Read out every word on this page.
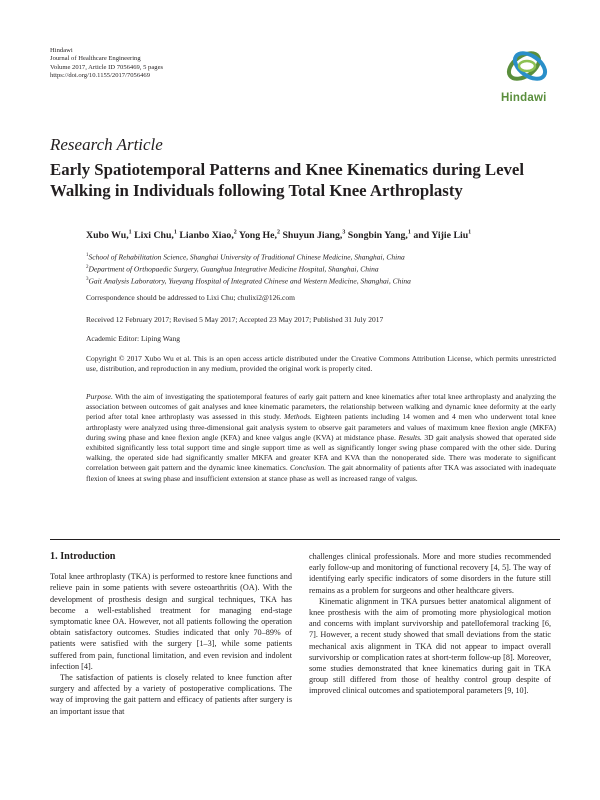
Hindawi
Journal of Healthcare Engineering
Volume 2017, Article ID 7056469, 5 pages
https://doi.org/10.1155/2017/7056469
Hindawi
Research Article
Early Spatiotemporal Patterns and Knee Kinematics during Level Walking in Individuals following Total Knee Arthroplasty
Xubo Wu,$^1$ Lixi Chu,$^1$ Lianbo Xiao,$^2$ Yong He,$^2$ Shuyun Jiang,$^3$ Songbin Yang,$^1$ and Yijie Liu$^1$
$^1$School of Rehabilitation Science, Shanghai University of Traditional Chinese Medicine, Shanghai, China
$^2$Department of Orthopaedic Surgery, Guanghua Integrative Medicine Hospital, Shanghai, China
$^3$Gait Analysis Laboratory, Yueyang Hospital of Integrated Chinese and Western Medicine, Shanghai, China
Correspondence should be addressed to Lixi Chu; chulixi2@126.com
Received 12 February 2017; Revised 5 May 2017; Accepted 23 May 2017; Published 31 July 2017
Academic Editor: Liping Wang
Copyright © 2017 Xubo Wu et al. This is an open access article distributed under the Creative Commons Attribution License, which permits unrestricted use, distribution, and reproduction in any medium, provided the original work is properly cited.
Purpose. With the aim of investigating the spatiotemporal features of early gait pattern and knee kinematics after total knee arthroplasty and analyzing the association between outcomes of gait analyses and knee kinematic parameters, the relationship between walking and dynamic knee deformity at the early period after total knee arthroplasty was assessed in this study. Methods. Eighteen patients including 14 women and 4 men who underwent total knee arthroplasty were analyzed using three-dimensional gait analysis system to observe gait parameters and values of maximum knee flexion angle (MKFA) during swing phase and knee flexion angle (KFA) and knee valgus angle (KVA) at midstance phase. Results. 3D gait analysis showed that operated side exhibited significantly less total support time and single support time as well as significantly longer swing phase compared with the other side. During walking, the operated side had significantly smaller MKFA and greater KFA and KVA than the nonoperated side. There was moderate to significant correlation between gait pattern and the dynamic knee kinematics. Conclusion. The gait abnormality of patients after TKA was associated with inadequate flexion of knees at swing phase and insufficient extension at stance phase as well as increased range of valgus.
1. Introduction

Total knee arthroplasty (TKA) is performed to restore knee functions and relieve pain in some patients with severe osteoarthritis (OA). With the development of prosthesis design and surgical techniques, TKA has become a well-established treatment for managing end-stage symptomatic knee OA. However, not all patients following the operation obtain satisfactory outcomes. Studies indicated that only 70–89% of patients were satisfied with the surgery [1–3], while some patients suffered from pain, functional limitation, and even revision and indolent infection [4].

The satisfaction of patients is closely related to knee function after surgery and affected by a variety of postoperative complications. The way of improving the gait pattern and efficacy of patients after surgery is an important issue that

challenges clinical professionals. More and more studies recommended early follow-up and monitoring of functional recovery [4, 5]. The way of identifying early specific indicators of some disorders in the future still remains as a problem for surgeons and other healthcare givers.

Kinematic alignment in TKA pursues better anatomical alignment of knee prosthesis with the aim of promoting more physiological motion and concerns with implant survivorship and patellofemoral tracking [6, 7]. However, a recent study showed that small deviations from the static mechanical axis alignment in TKA did not appear to impact overall survivorship or complication rates at short-term follow-up [8]. Moreover, some studies demonstrated that knee kinematics during gait in TKA group still differed from those of healthy control group despite of improved clinical outcomes and spatiotemporal parameters [9, 10].
